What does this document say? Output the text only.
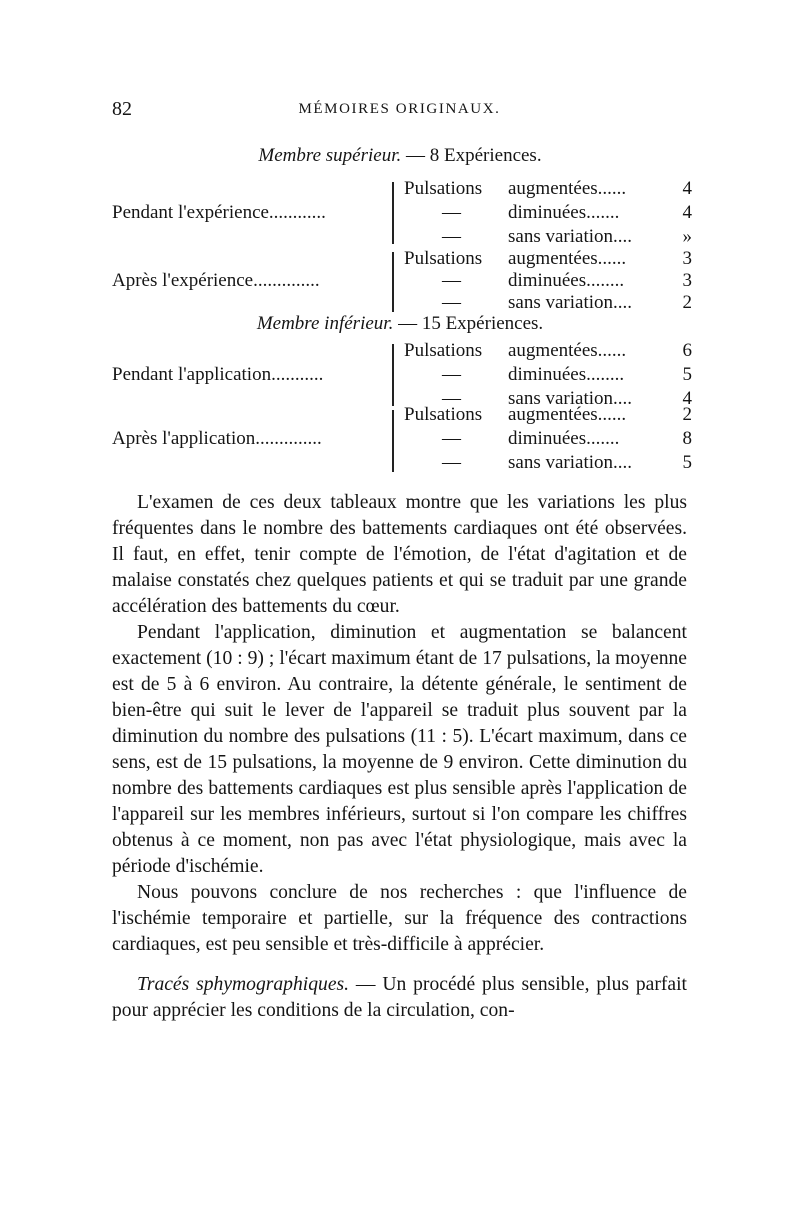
82	MÉMOIRES ORIGINAUX.
Membre supérieur. — 8 Expériences.
Pendant l'expérience............
Pulsations augmentées......	4
— diminuées.......	4
— sans variation....	»
Après l'expérience..............
Pulsations augmentées......	3
— diminuées........	3
— sans variation....	2
Membre inférieur. — 15 Expériences.
Pendant l'application...........
Pulsations augmentées......	6
— diminuées........	5
— sans variation....	4
Après l'application..............
Pulsations augmentées......	2
— diminuées.......	8
— sans variation....	5

L'examen de ces deux tableaux montre que les variations les plus fréquentes dans le nombre des battements cardiaques ont été observées. Il faut, en effet, tenir compte de l'émotion, de l'état d'agitation et de malaise constatés chez quelques patients et qui se traduit par une grande accélération des battements du cœur.

Pendant l'application, diminution et augmentation se balancent exactement (10 : 9) ; l'écart maximum étant de 17 pulsations, la moyenne est de 5 à 6 environ. Au contraire, la détente générale, le sentiment de bien-être qui suit le lever de l'appareil se traduit plus souvent par la diminution du nombre des pulsations (11 : 5). L'écart maximum, dans ce sens, est de 15 pulsations, la moyenne de 9 environ. Cette diminution du nombre des battements cardiaques est plus sensible après l'application de l'appareil sur les membres inférieurs, surtout si l'on compare les chiffres obtenus à ce moment, non pas avec l'état physiologique, mais avec la période d'ischémie.

Nous pouvons conclure de nos recherches : que l'influence de l'ischémie temporaire et partielle, sur la fréquence des contractions cardiaques, est peu sensible et très-difficile à apprécier.

Tracés sphymographiques. — Un procédé plus sensible, plus parfait pour apprécier les conditions de la circulation, con-
